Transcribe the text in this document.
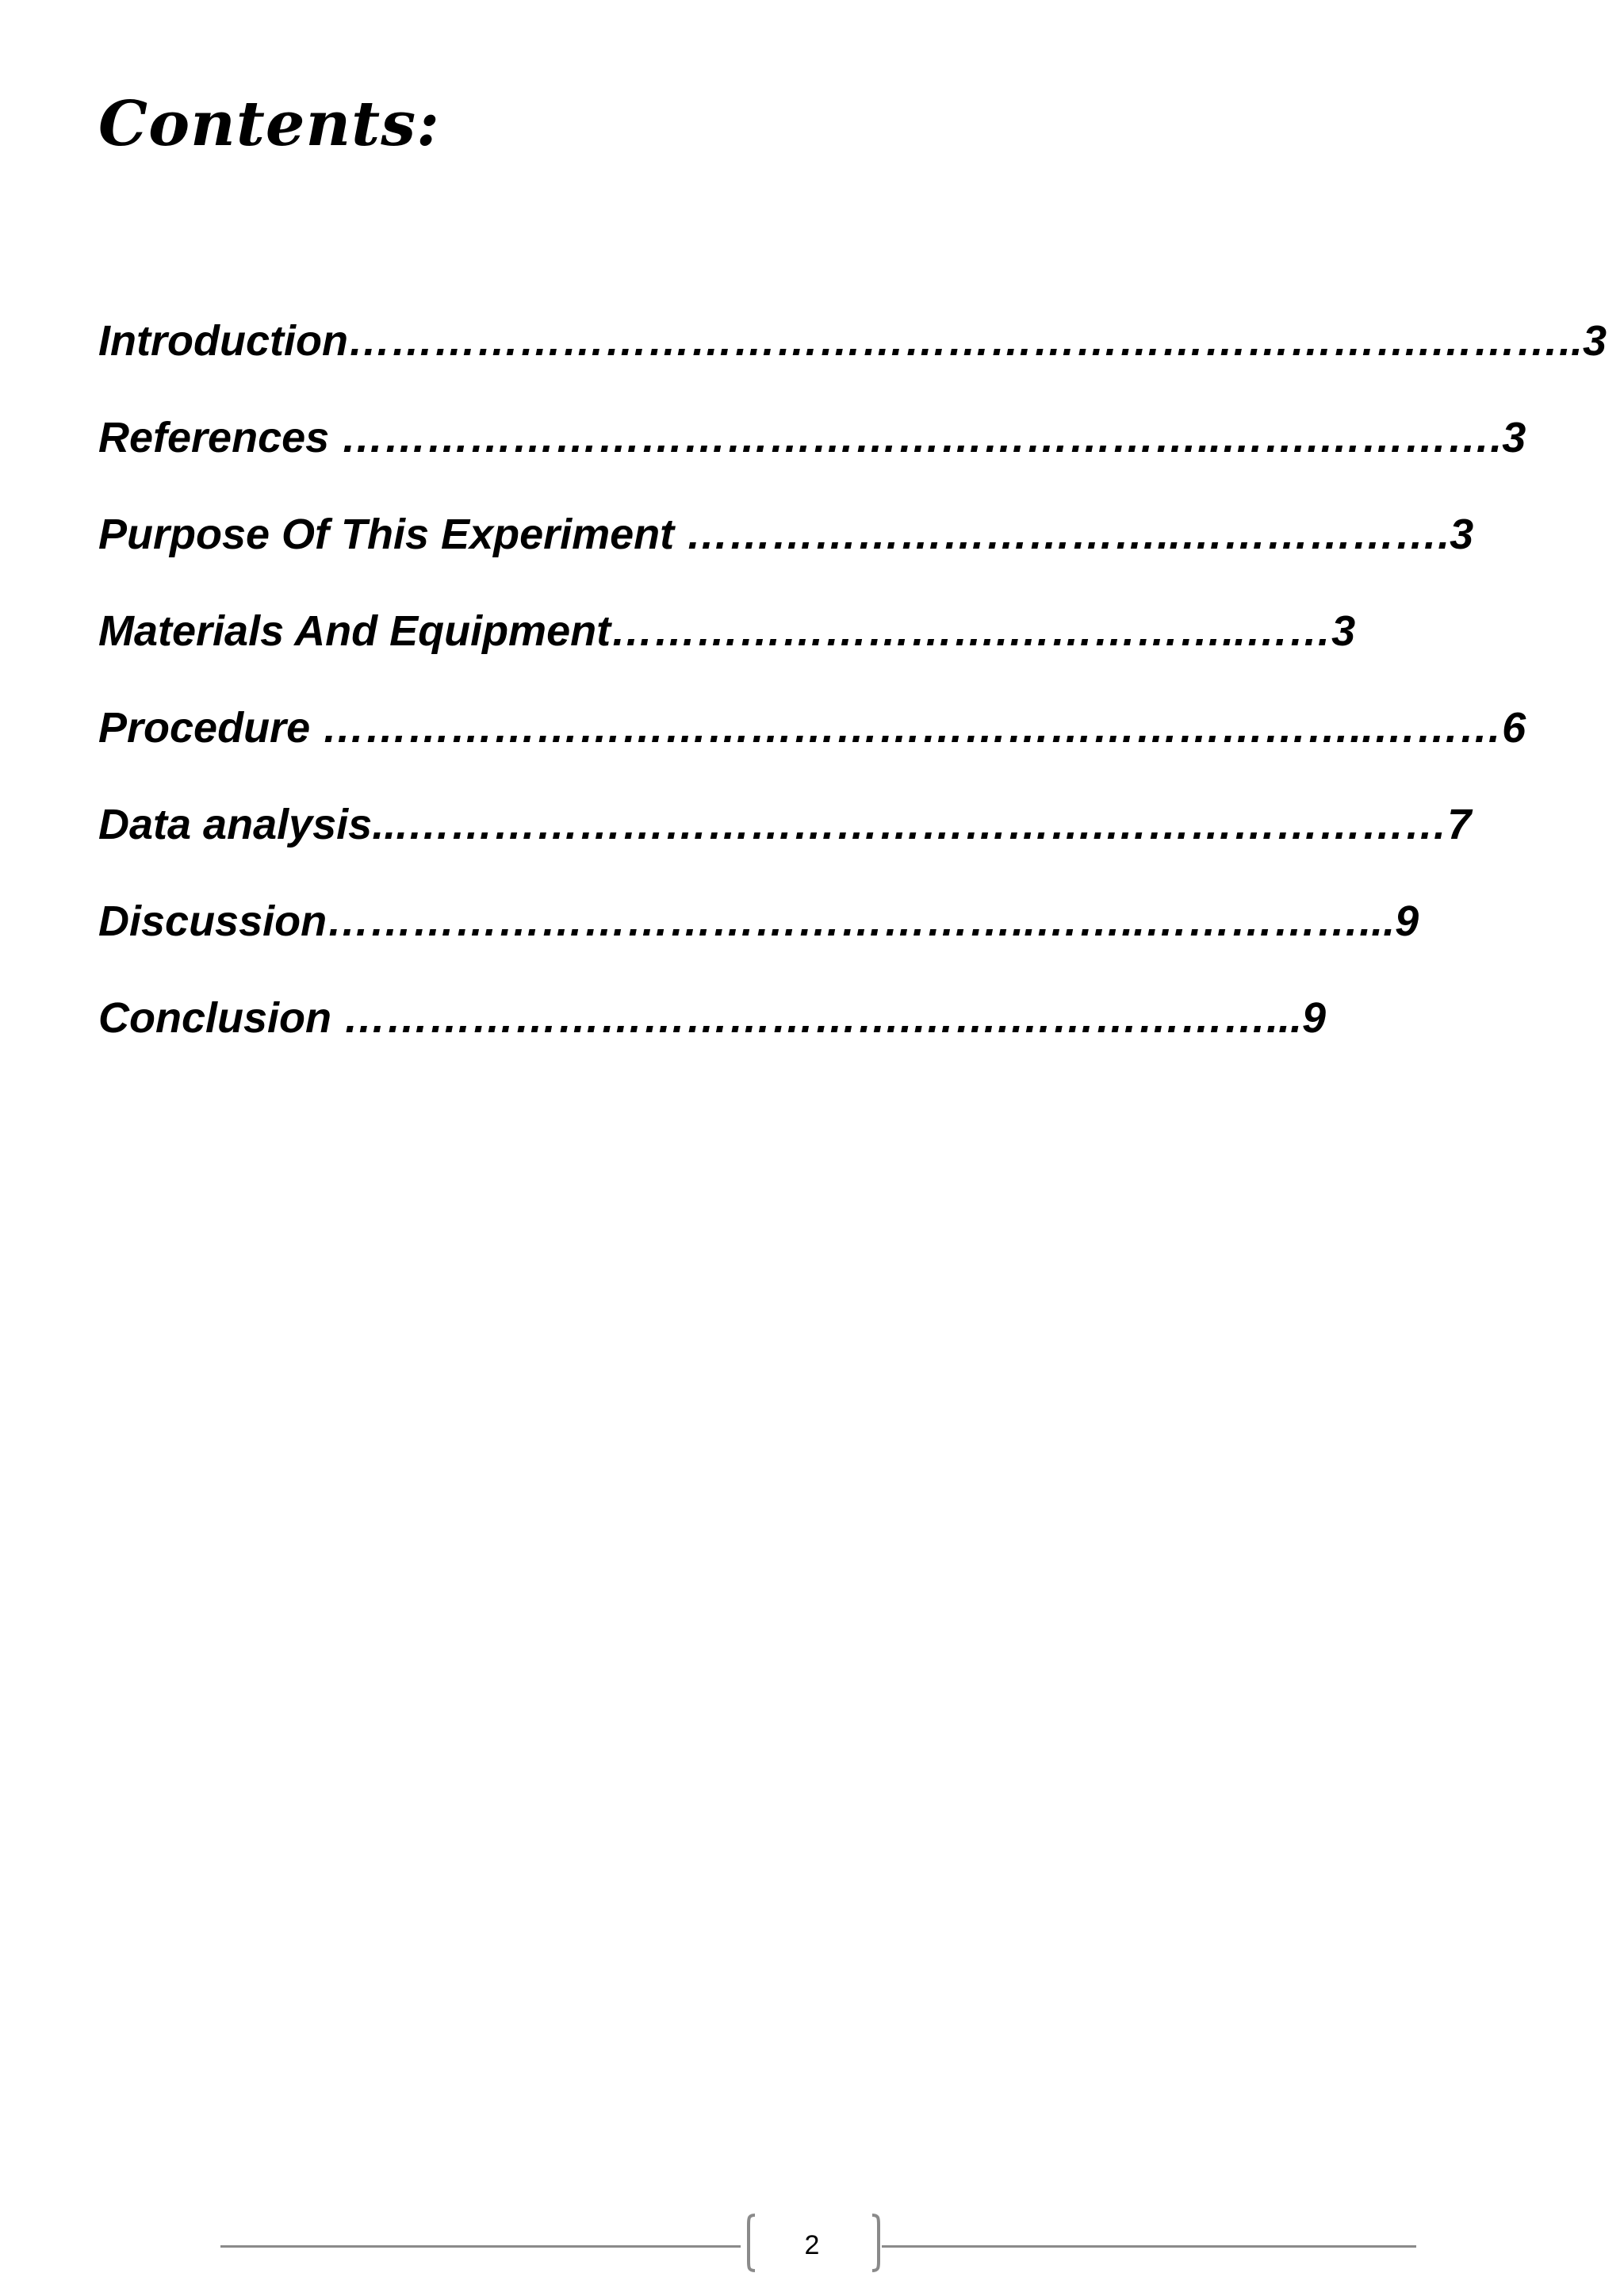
Contents:
Introduction………………………………………………………………….………..3
References ……………………………………………………..…….………….3
Purpose Of This Experiment ……………………………..……………….3
Materials And Equipment……………………….……………..……3
Procedure ………………………………………………………………..………6
Data analysis...………………………………………….……………………7
Discussion…………………………………………..……..……………...9
Conclusion ………………………………….…….………………...9
2
